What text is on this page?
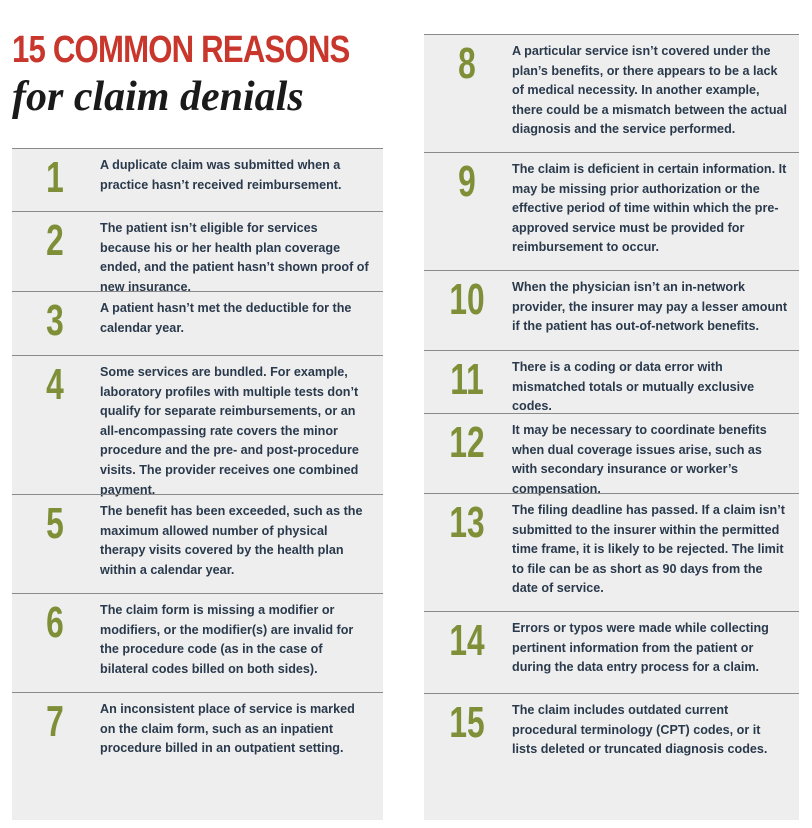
15 COMMON REASONS
for claim denials
1	A duplicate claim was submitted when a practice hasn’t received reimbursement.

2	The patient isn’t eligible for services because his or her health plan coverage ended, and the patient hasn’t shown proof of new insurance.

3	A patient hasn’t met the deductible for the calendar year.

4	Some services are bundled. For example, laboratory profiles with multiple tests don’t qualify for separate reimbursements, or an all-encompassing rate covers the minor procedure and the pre- and post-procedure visits. The provider receives one combined payment.

5	The benefit has been exceeded, such as the maximum allowed number of physical therapy visits covered by the health plan within a calendar year.

6	The claim form is missing a modifier or modifiers, or the modifier(s) are invalid for the procedure code (as in the case of bilateral codes billed on both sides).

7	An inconsistent place of service is marked on the claim form, such as an inpatient procedure billed in an outpatient setting.

8	A particular service isn’t covered under the plan’s benefits, or there appears to be a lack of medical necessity. In another example, there could be a mismatch between the actual diagnosis and the service performed.

9	The claim is deficient in certain information. It may be missing prior authorization or the effective period of time within which the pre-approved service must be provided for reimbursement to occur.

10	When the physician isn’t an in-network provider, the insurer may pay a lesser amount if the patient has out-of-network benefits.

11	There is a coding or data error with mismatched totals or mutually exclusive codes.

12	It may be necessary to coordinate benefits when dual coverage issues arise, such as with secondary insurance or worker’s compensation.

13	The filing deadline has passed. If a claim isn’t submitted to the insurer within the permitted time frame, it is likely to be rejected. The limit to file can be as short as 90 days from the date of service.

14	Errors or typos were made while collecting pertinent information from the patient or during the data entry process for a claim.

15	The claim includes outdated current procedural terminology (CPT) codes, or it lists deleted or truncated diagnosis codes.
